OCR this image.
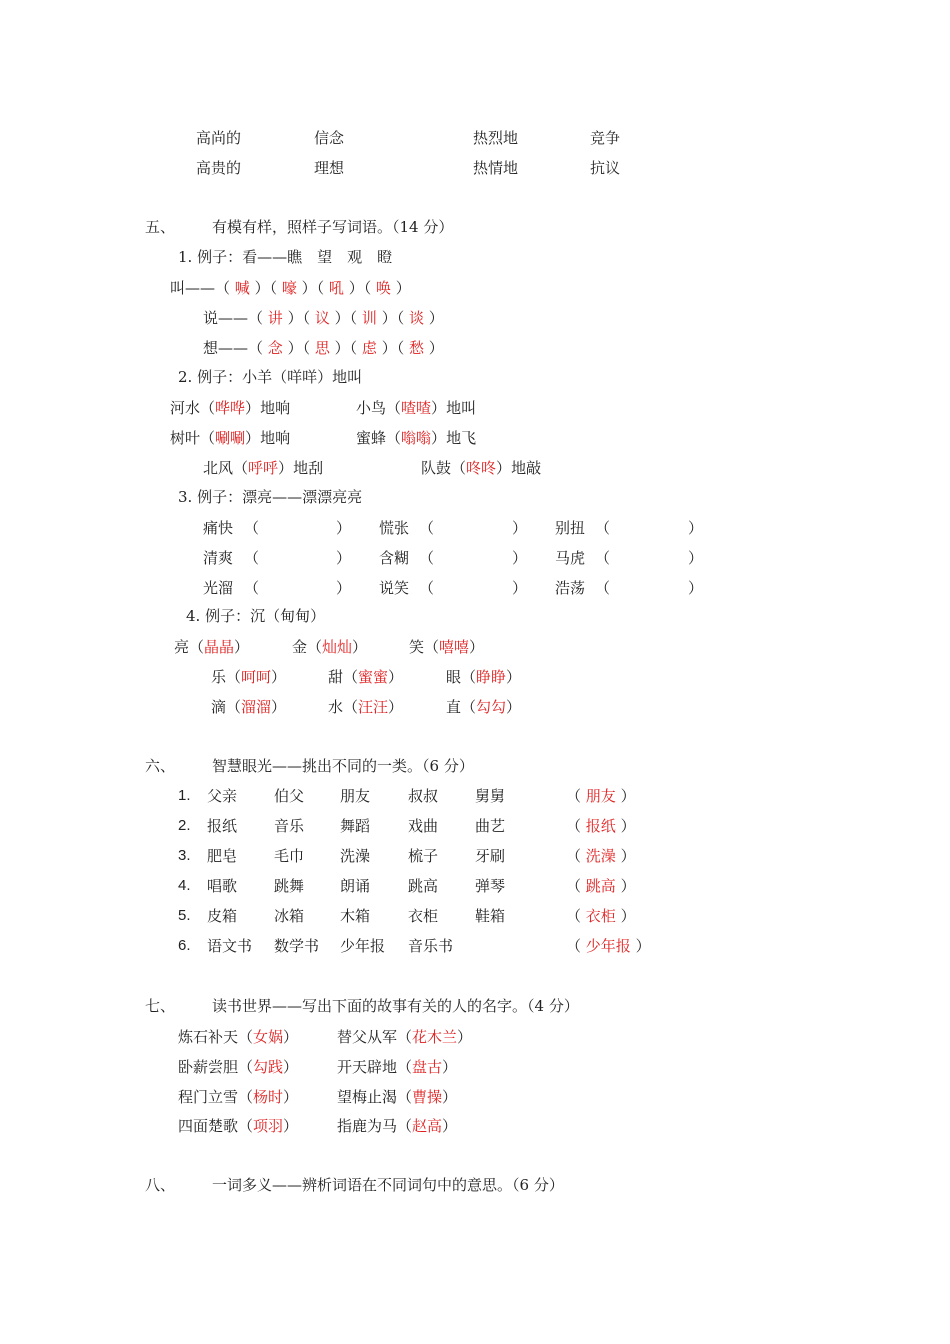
高尚的	信念	热烈地	竞争
高贵的	理想	热情地	抗议
五、 有模有样，照样子写词语。（14 分）
1. 例子：看——瞧　望　观　瞪
叫——（ 喊 ）（ 嚎 ）（ 吼 ）（ 唤 ）
说——（ 讲 ）（ 议 ）（ 训 ）（ 谈 ）
想——（ 念 ）（ 思 ）（ 虑 ）（ 愁 ）
2. 例子：小羊（咩咩）地叫
河水（哗哗）地响	小鸟（喳喳）地叫
树叶（唰唰）地响	蜜蜂（嗡嗡）地飞
北风（呼呼）地刮	队鼓（咚咚）地敲
3. 例子：漂亮——漂漂亮亮
痛快 （	） 慌张 （	） 别扭 （	）
清爽 （	） 含糊 （	） 马虎 （	）
光溜 （	） 说笑 （	） 浩荡 （	）
4. 例子：沉（甸甸）
亮（晶晶）	金（灿灿）	笑（嘻嘻）
乐（呵呵）	甜（蜜蜜）	眼（睁睁）
滴（溜溜）	水（汪汪）	直（勾勾）
六、 智慧眼光——挑出不同的一类。（6 分）
1. 父亲 伯父 朋友	叔叔 舅舅	（ 朋友 ）
2. 报纸 音乐 舞蹈	戏曲 曲艺	（ 报纸 ）
3. 肥皂 毛巾 洗澡	梳子 牙刷	（ 洗澡 ）
4. 唱歌 跳舞 朗诵	跳高 弹琴	（ 跳高 ）
5. 皮箱 冰箱 木箱	衣柜 鞋箱	（ 衣柜 ）
6. 语文书 数学书 少年报 音乐书	（ 少年报 ）
七、 读书世界——写出下面的故事有关的人的名字。（4 分）
炼石补天（女娲）	替父从军（花木兰）
卧薪尝胆（勾践）	开天辟地（盘古）
程门立雪（杨时）	望梅止渴（曹操）
四面楚歌（项羽）	指鹿为马（赵高）
八、 一词多义——辨析词语在不同词句中的意思。（6 分）
